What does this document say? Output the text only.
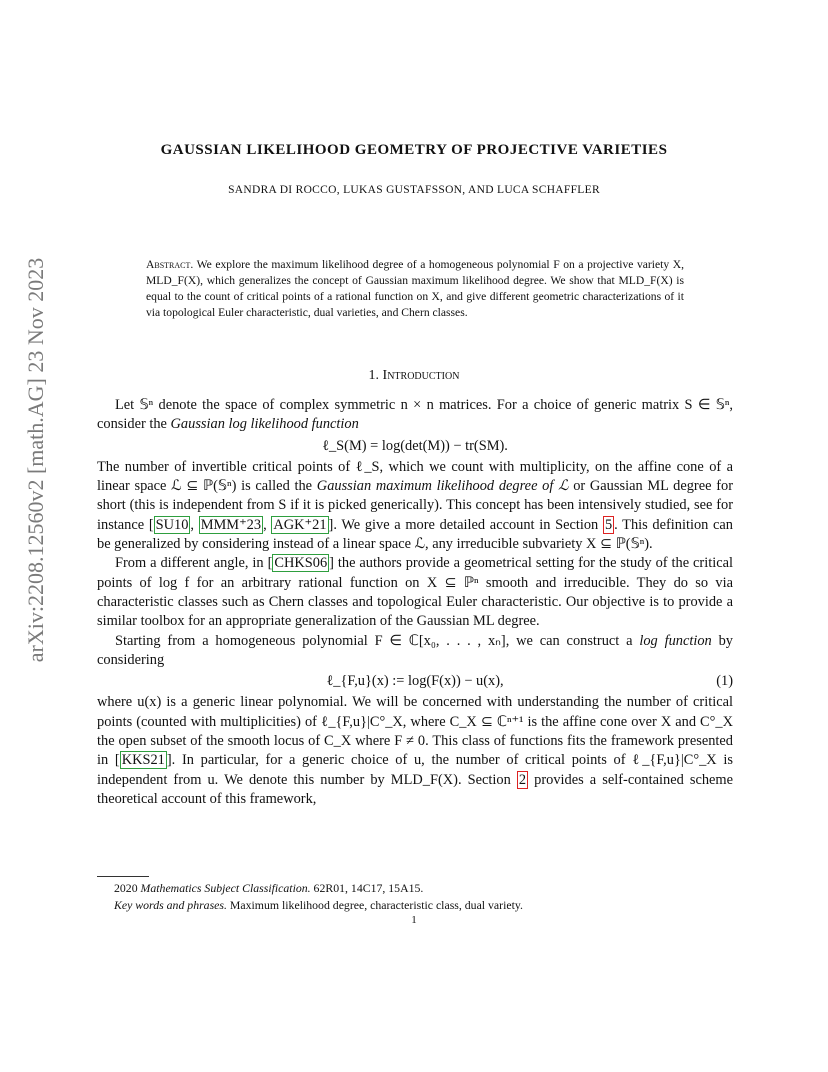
arXiv:2208.12560v2 [math.AG] 23 Nov 2023
GAUSSIAN LIKELIHOOD GEOMETRY OF PROJECTIVE VARIETIES
SANDRA DI ROCCO, LUKAS GUSTAFSSON, AND LUCA SCHAFFLER
Abstract. We explore the maximum likelihood degree of a homogeneous polynomial F on a projective variety X, MLD_F(X), which generalizes the concept of Gaussian maximum likelihood degree. We show that MLD_F(X) is equal to the count of critical points of a rational function on X, and give different geometric characterizations of it via topological Euler characteristic, dual varieties, and Chern classes.
1. Introduction

Let 𝕊ⁿ denote the space of complex symmetric n × n matrices. For a choice of generic matrix S ∈ 𝕊ⁿ, consider the Gaussian log likelihood function

ℓ_S(M) = log(det(M)) − tr(SM).

The number of invertible critical points of ℓ_S, which we count with multiplicity, on the affine cone of a linear space ℒ ⊆ ℙ(𝕊ⁿ) is called the Gaussian maximum likelihood degree of ℒ or Gaussian ML degree for short (this is independent from S if it is picked generically). This concept has been intensively studied, see for instance [ SU10 , MMM⁺23 , AGK⁺21 ]. We give a more detailed account in Section 5 . This definition can be generalized by considering instead of a linear space ℒ, any irreducible subvariety X ⊆ ℙ(𝕊ⁿ).

From a different angle, in [ CHKS06 ] the authors provide a geometrical setting for the study of the critical points of log f for an arbitrary rational function on X ⊆ ℙⁿ smooth and irreducible. They do so via characteristic classes such as Chern classes and topological Euler characteristic. Our objective is to provide a similar toolbox for an appropriate generalization of the Gaussian ML degree.

Starting from a homogeneous polynomial F ∈ ℂ[x₀, . . . , xₙ], we can construct a log function by considering

ℓ_{F,u}(x) := log(F(x)) − u(x),	(1)

where u(x) is a generic linear polynomial. We will be concerned with understanding the number of critical points (counted with multiplicities) of ℓ_{F,u}|C°_X, where C_X ⊆ ℂⁿ⁺¹ is the affine cone over X and C°_X the open subset of the smooth locus of C_X where F ≠ 0. This class of functions fits the framework presented in [ KKS21 ]. In particular, for a generic choice of u, the number of critical points of ℓ_{F,u}|C°_X is independent from u. We denote this number by MLD_F(X). Section 2 provides a self-contained scheme theoretical account of this framework,

2020 Mathematics Subject Classification. 62R01, 14C17, 15A15.
Key words and phrases. Maximum likelihood degree, characteristic class, dual variety.
1
